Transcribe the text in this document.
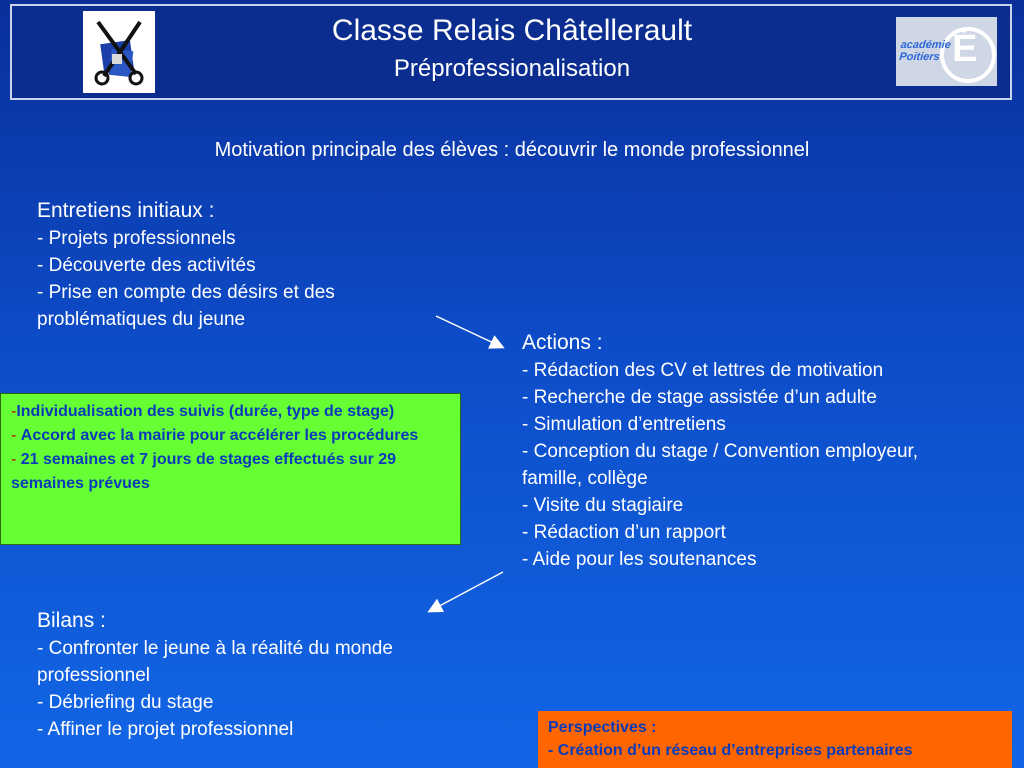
académie
Poitiers É
Classe Relais Châtellerault
Préprofessionalisation
Motivation principale des élèves : découvrir le monde professionnel
Entretiens initiaux :
- Projets professionnels
- Découverte des activités
- Prise en compte des désirs et des
problématiques du jeune
Actions :
- Rédaction des CV et lettres de motivation
- Recherche de stage assistée d’un adulte
- Simulation d’entretiens
- Conception du stage / Convention employeur,
famille, collège
- Visite du stagiaire
- Rédaction d’un rapport
- Aide pour les soutenances
-Individualisation des suivis (durée, type de stage)
- Accord avec la mairie pour accélérer les procédures
- 21 semaines et 7 jours de stages effectués sur 29 semaines prévues
Bilans :
- Confronter le jeune à la réalité du monde
professionnel
- Débriefing du stage
- Affiner le projet professionnel	Perspectives :
- Création d’un réseau d’entreprises partenaires
